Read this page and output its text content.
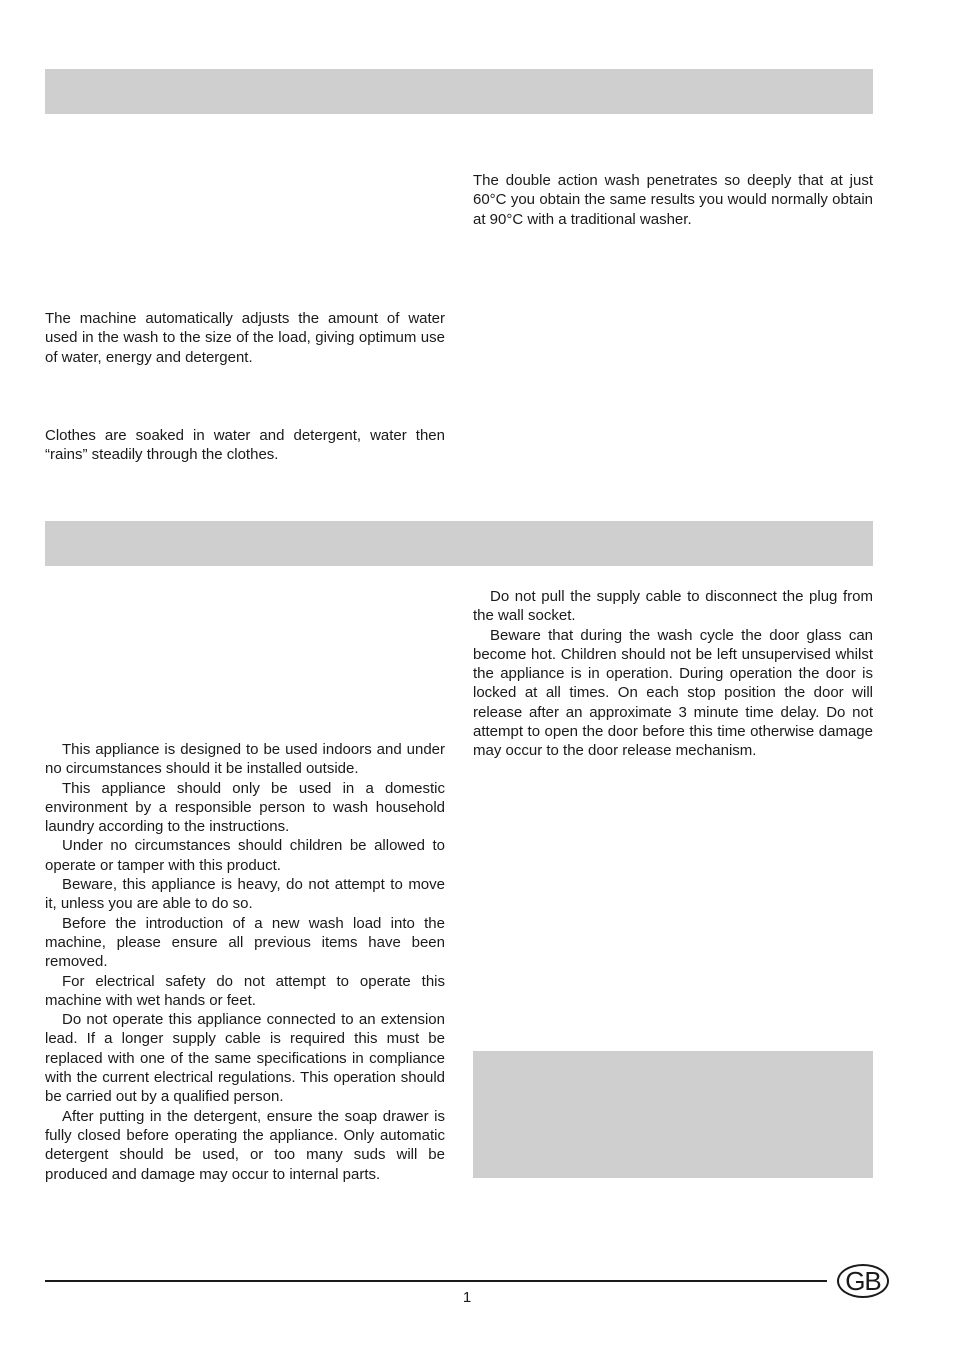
The double action wash penetrates so deeply that at just 60°C you obtain the same results you would normally obtain at 90°C with a traditional washer.

The machine automatically adjusts the amount of water used in the wash to the size of the load, giving optimum use of water, energy and detergent.

Clothes are soaked in water and detergent, water then “rains” steadily through the clothes.

This appliance is designed to be used indoors and under no circumstances should it be installed outside.

This appliance should only be used in a domestic environment by a responsible person to wash household laundry according to the instructions.

Under no circumstances should children be allowed to operate or tamper with this product.

Beware, this appliance is heavy, do not attempt to move it, unless you are able to do so.

Before the introduction of a new wash load into the machine, please ensure all previous items have been removed.

For electrical safety do not attempt to operate this machine with wet hands or feet.

Do not operate this appliance connected to an extension lead. If a longer supply cable is required this must be replaced with one of the same specifications in compliance with the current electrical regulations. This operation should be carried out by a qualified person.

After putting in the detergent, ensure the soap drawer is fully closed before operating the appliance. Only automatic detergent should be used, or too many suds will be produced and damage may occur to internal parts.

Do not pull the supply cable to disconnect the plug from the wall socket.

Beware that during the wash cycle the door glass can become hot. Children should not be left unsupervised whilst the appliance is in operation. During operation the door is locked at all times. On each stop position the door will release after an approximate 3 minute time delay. Do not attempt to open the door before this time otherwise damage may occur to the door release mechanism.

1
GB
